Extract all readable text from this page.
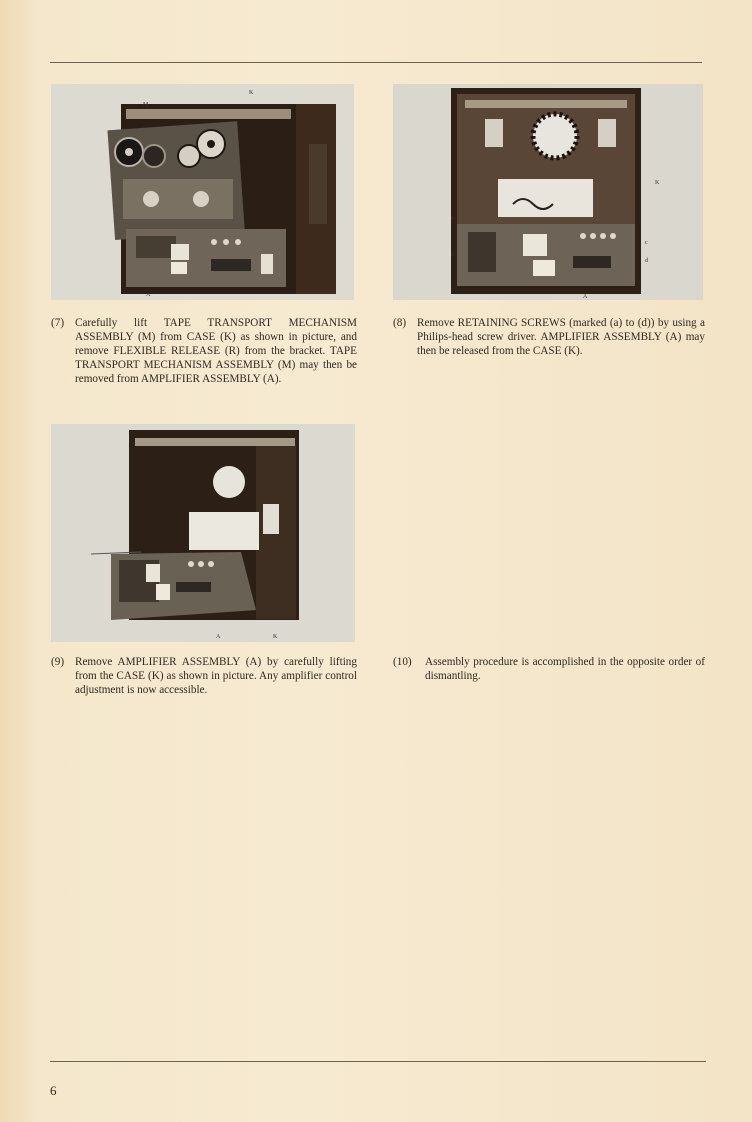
M
K
A
a
b
c
d
K
A
A	K
(7) Carefully lift TAPE TRANSPORT MECHANISM ASSEMBLY (M) from CASE (K) as shown in picture, and remove FLEXIBLE RELEASE (R) from the bracket. TAPE TRANSPORT MECHANISM ASSEMBLY (M) may then be removed from AMPLIFIER ASSEMBLY (A).
(8) Remove RETAINING SCREWS (marked (a) to (d)) by using a Philips-head screw driver. AMPLIFIER ASSEMBLY (A) may then be released from the CASE (K).
(9) Remove AMPLIFIER ASSEMBLY (A) by carefully lifting from the CASE (K) as shown in picture. Any amplifier control adjustment is now accessible.
(10) Assembly procedure is accomplished in the opposite order of dismantling.
6
